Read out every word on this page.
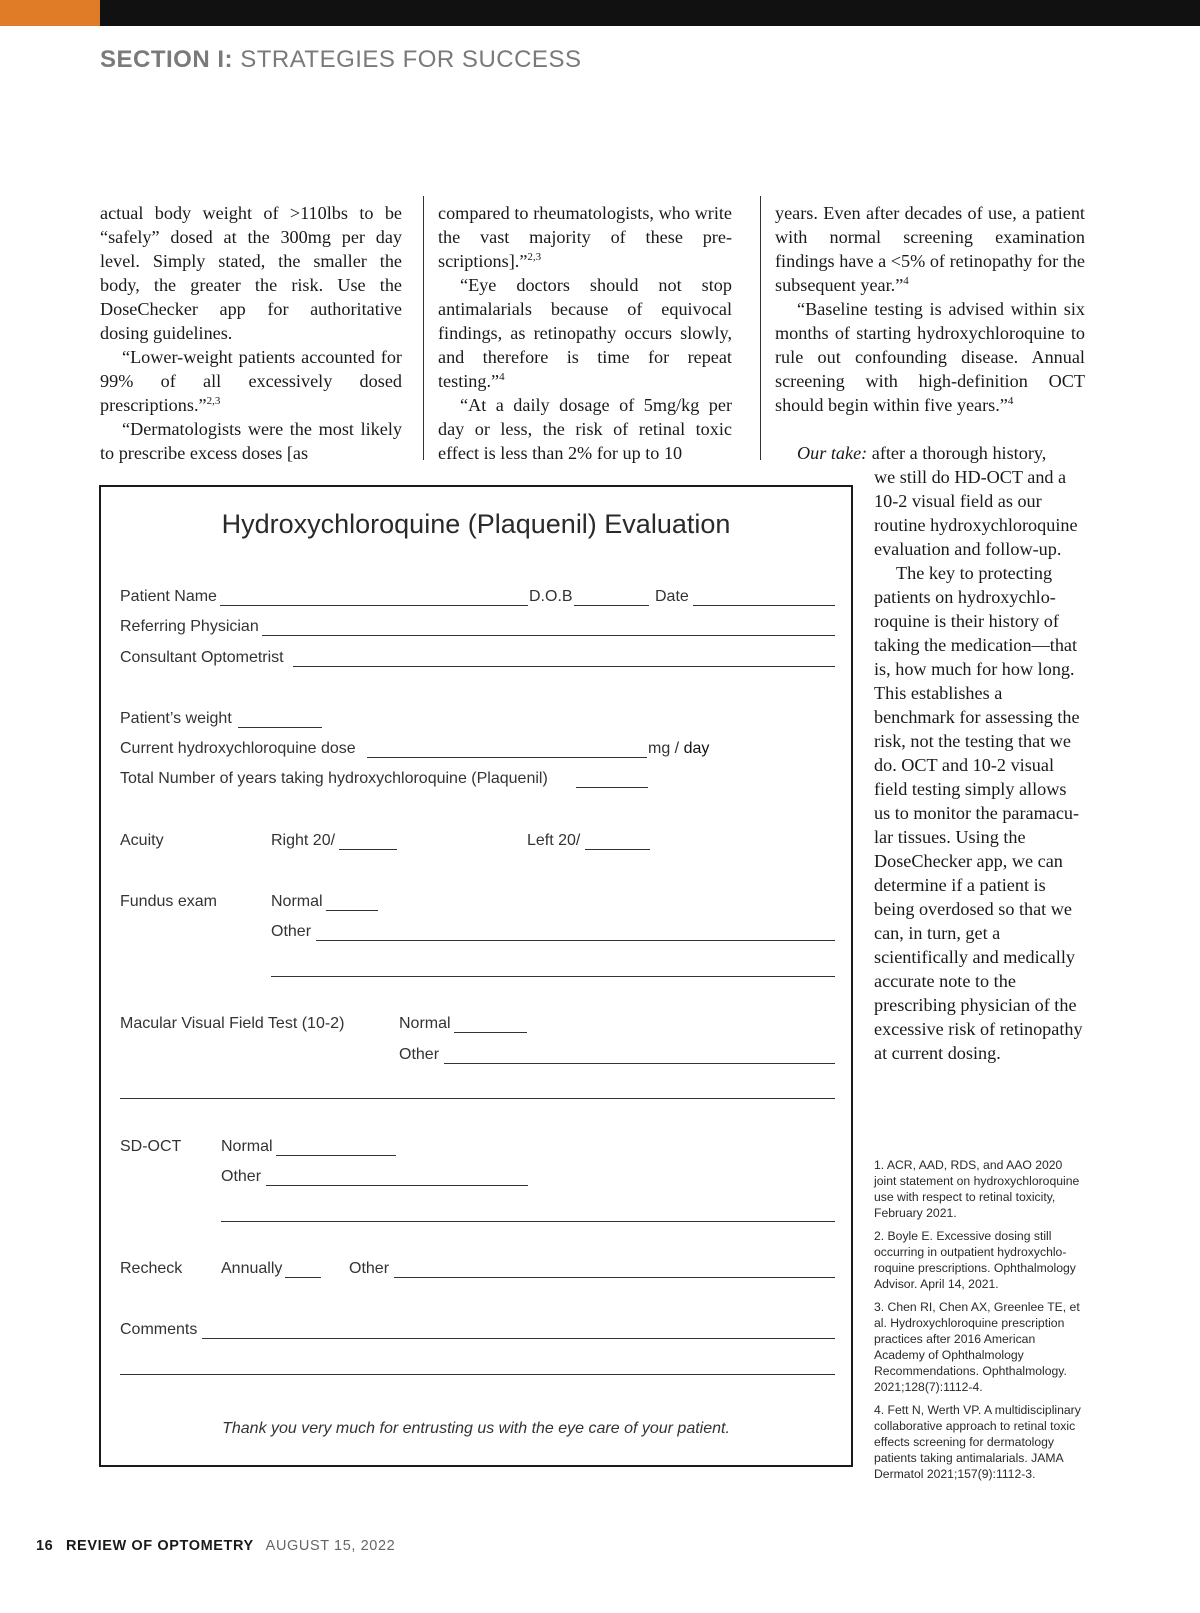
SECTION I: STRATEGIES FOR SUCCESS

actual body weight of >110lbs to be “safely” dosed at the 300mg per day level. Simply stated, the smaller the body, the greater the risk. Use the DoseChecker app for authoritative dosing guidelines.

“Lower-weight patients accounted for 99% of all excessively dosed prescriptions.”$^{2,3}$

“Dermatologists were the most likely to prescribe excess doses [as

compared to rheumatologists, who write the vast majority of these prescriptions].”$^{2,3}$

“Eye doctors should not stop antimalarials because of equivocal findings, as retinopathy occurs slowly, and therefore is time for repeat testing.”$^4$

“At a daily dosage of 5mg/kg per day or less, the risk of retinal toxic effect is less than 2% for up to 10

years. Even after decades of use, a patient with normal screening examination findings have a <5% of retinopathy for the subsequent year.”$^4$

“Baseline testing is advised within six months of starting hydroxychloroquine to rule out confounding disease. Annual screening with high-definition OCT should begin within five years.”$^4$

Our take: after a thorough history,

we still do HD-OCT and a 10-2 visual field as our routine hydroxychloroquine evaluation and follow-up.

The key to protecting patients on hydroxychloroquine is their history of taking the medication—that is, how much for how long. This establishes a benchmark for assessing the risk, not the testing that we do. OCT and 10-2 visual field testing simply allows us to monitor the paramacular tissues. Using the DoseChecker app, we can determine if a patient is being overdosed so that we can, in turn, get a scientifically and medically accurate note to the prescribing physician of the excessive risk of retinopathy at current dosing.

Hydroxychloroquine (Plaquenil) Evaluation
Patient Name	D.O.B	Date
Referring Physician
Consultant Optometrist
Patient’s weight
Current hydroxychloroquine dose	mg / day
Total Number of years taking hydroxychloroquine (Plaquenil)
Acuity	Right 20/	Left 20/
Fundus exam	Normal
Other
Macular Visual Field Test (10-2)	Normal
Other
SD-OCT Normal
Other
Recheck Annually	Other
Comments
Thank you very much for entrusting us with the eye care of your patient.

1. ACR, AAD, RDS, and AAO 2020 joint statement on hydroxychloroquine use with respect to retinal toxicity, February 2021.

2. Boyle E. Excessive dosing still occurring in outpatient hydroxychloroquine prescriptions. Ophthalmology Advisor. April 14, 2021.

3. Chen RI, Chen AX, Greenlee TE, et al. Hydroxychloroquine prescription practices after 2016 American Academy of Ophthalmology Recommendations. Ophthalmology. 2021;128(7):1112-4.

4. Fett N, Werth VP. A multidisciplinary collaborative approach to retinal toxic effects screening for dermatology patients taking antimalarials. JAMA Dermatol 2021;157(9):1112-3.

16 REVIEW OF OPTOMETRY AUGUST 15, 2022
